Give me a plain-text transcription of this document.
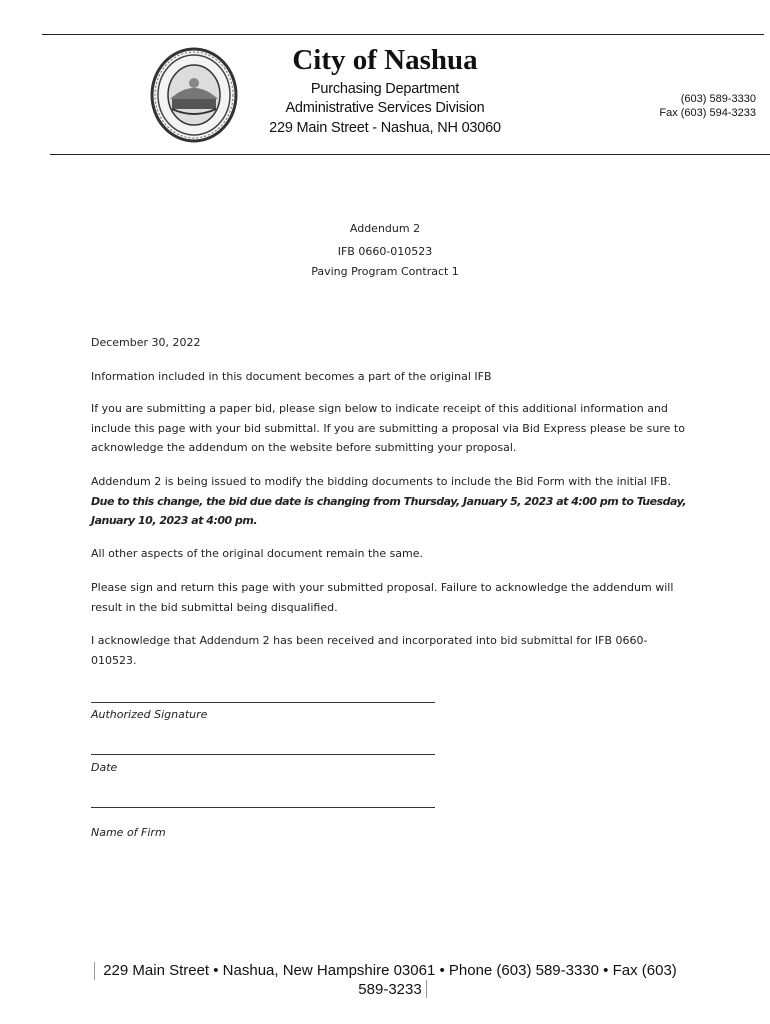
City of Nashua
Purchasing Department
Administrative Services Division
229 Main Street - Nashua, NH 03060
(603) 589-3330
Fax (603) 594-3233
Addendum 2
IFB 0660-010523
Paving Program Contract 1
December 30, 2022
Information included in this document becomes a part of the original IFB
If you are submitting a paper bid, please sign below to indicate receipt of this additional information and include this page with your bid submittal. If you are submitting a proposal via Bid Express please be sure to acknowledge the addendum on the website before submitting your proposal.
Addendum 2 is being issued to modify the bidding documents to include the Bid Form with the initial IFB. Due to this change, the bid due date is changing from Thursday, January 5, 2023 at 4:00 pm to Tuesday, January 10, 2023 at 4:00 pm.
All other aspects of the original document remain the same.
Please sign and return this page with your submitted proposal. Failure to acknowledge the addendum will result in the bid submittal being disqualified.
I acknowledge that Addendum 2 has been received and incorporated into bid submittal for IFB 0660-010523.
Authorized Signature
Date
Name of Firm
229 Main Street • Nashua, New Hampshire 03061 • Phone (603) 589-3330 • Fax (603) 589-3233
